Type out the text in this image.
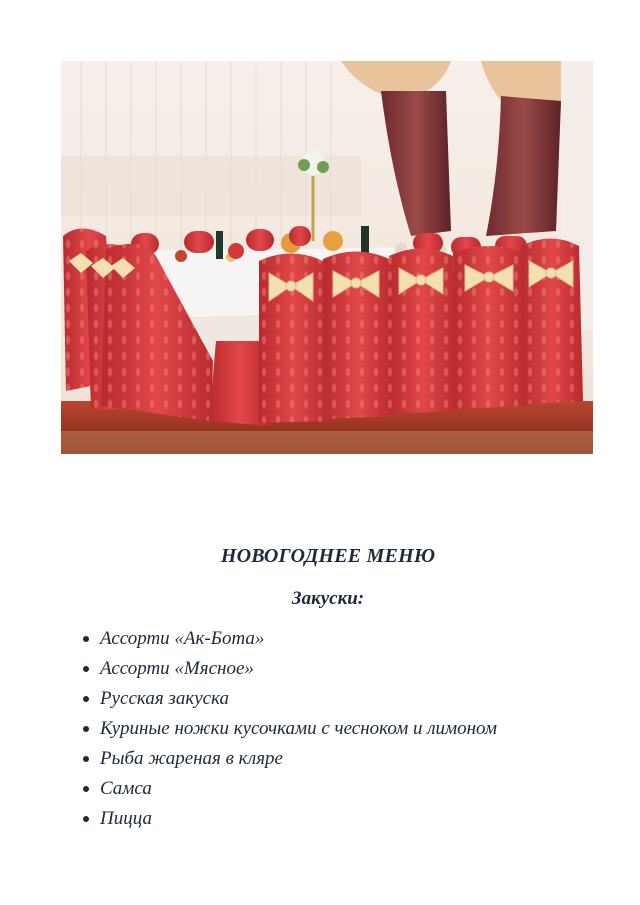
НОВОГОДНЕЕ МЕНЮ
Закуски:
Ассорти «Ак-Бота»
Ассорти «Мясное»
Русская закуска
Куриные ножки кусочками с чесноком и лимоном
Рыба жареная в кляре
Самса
Пицца
